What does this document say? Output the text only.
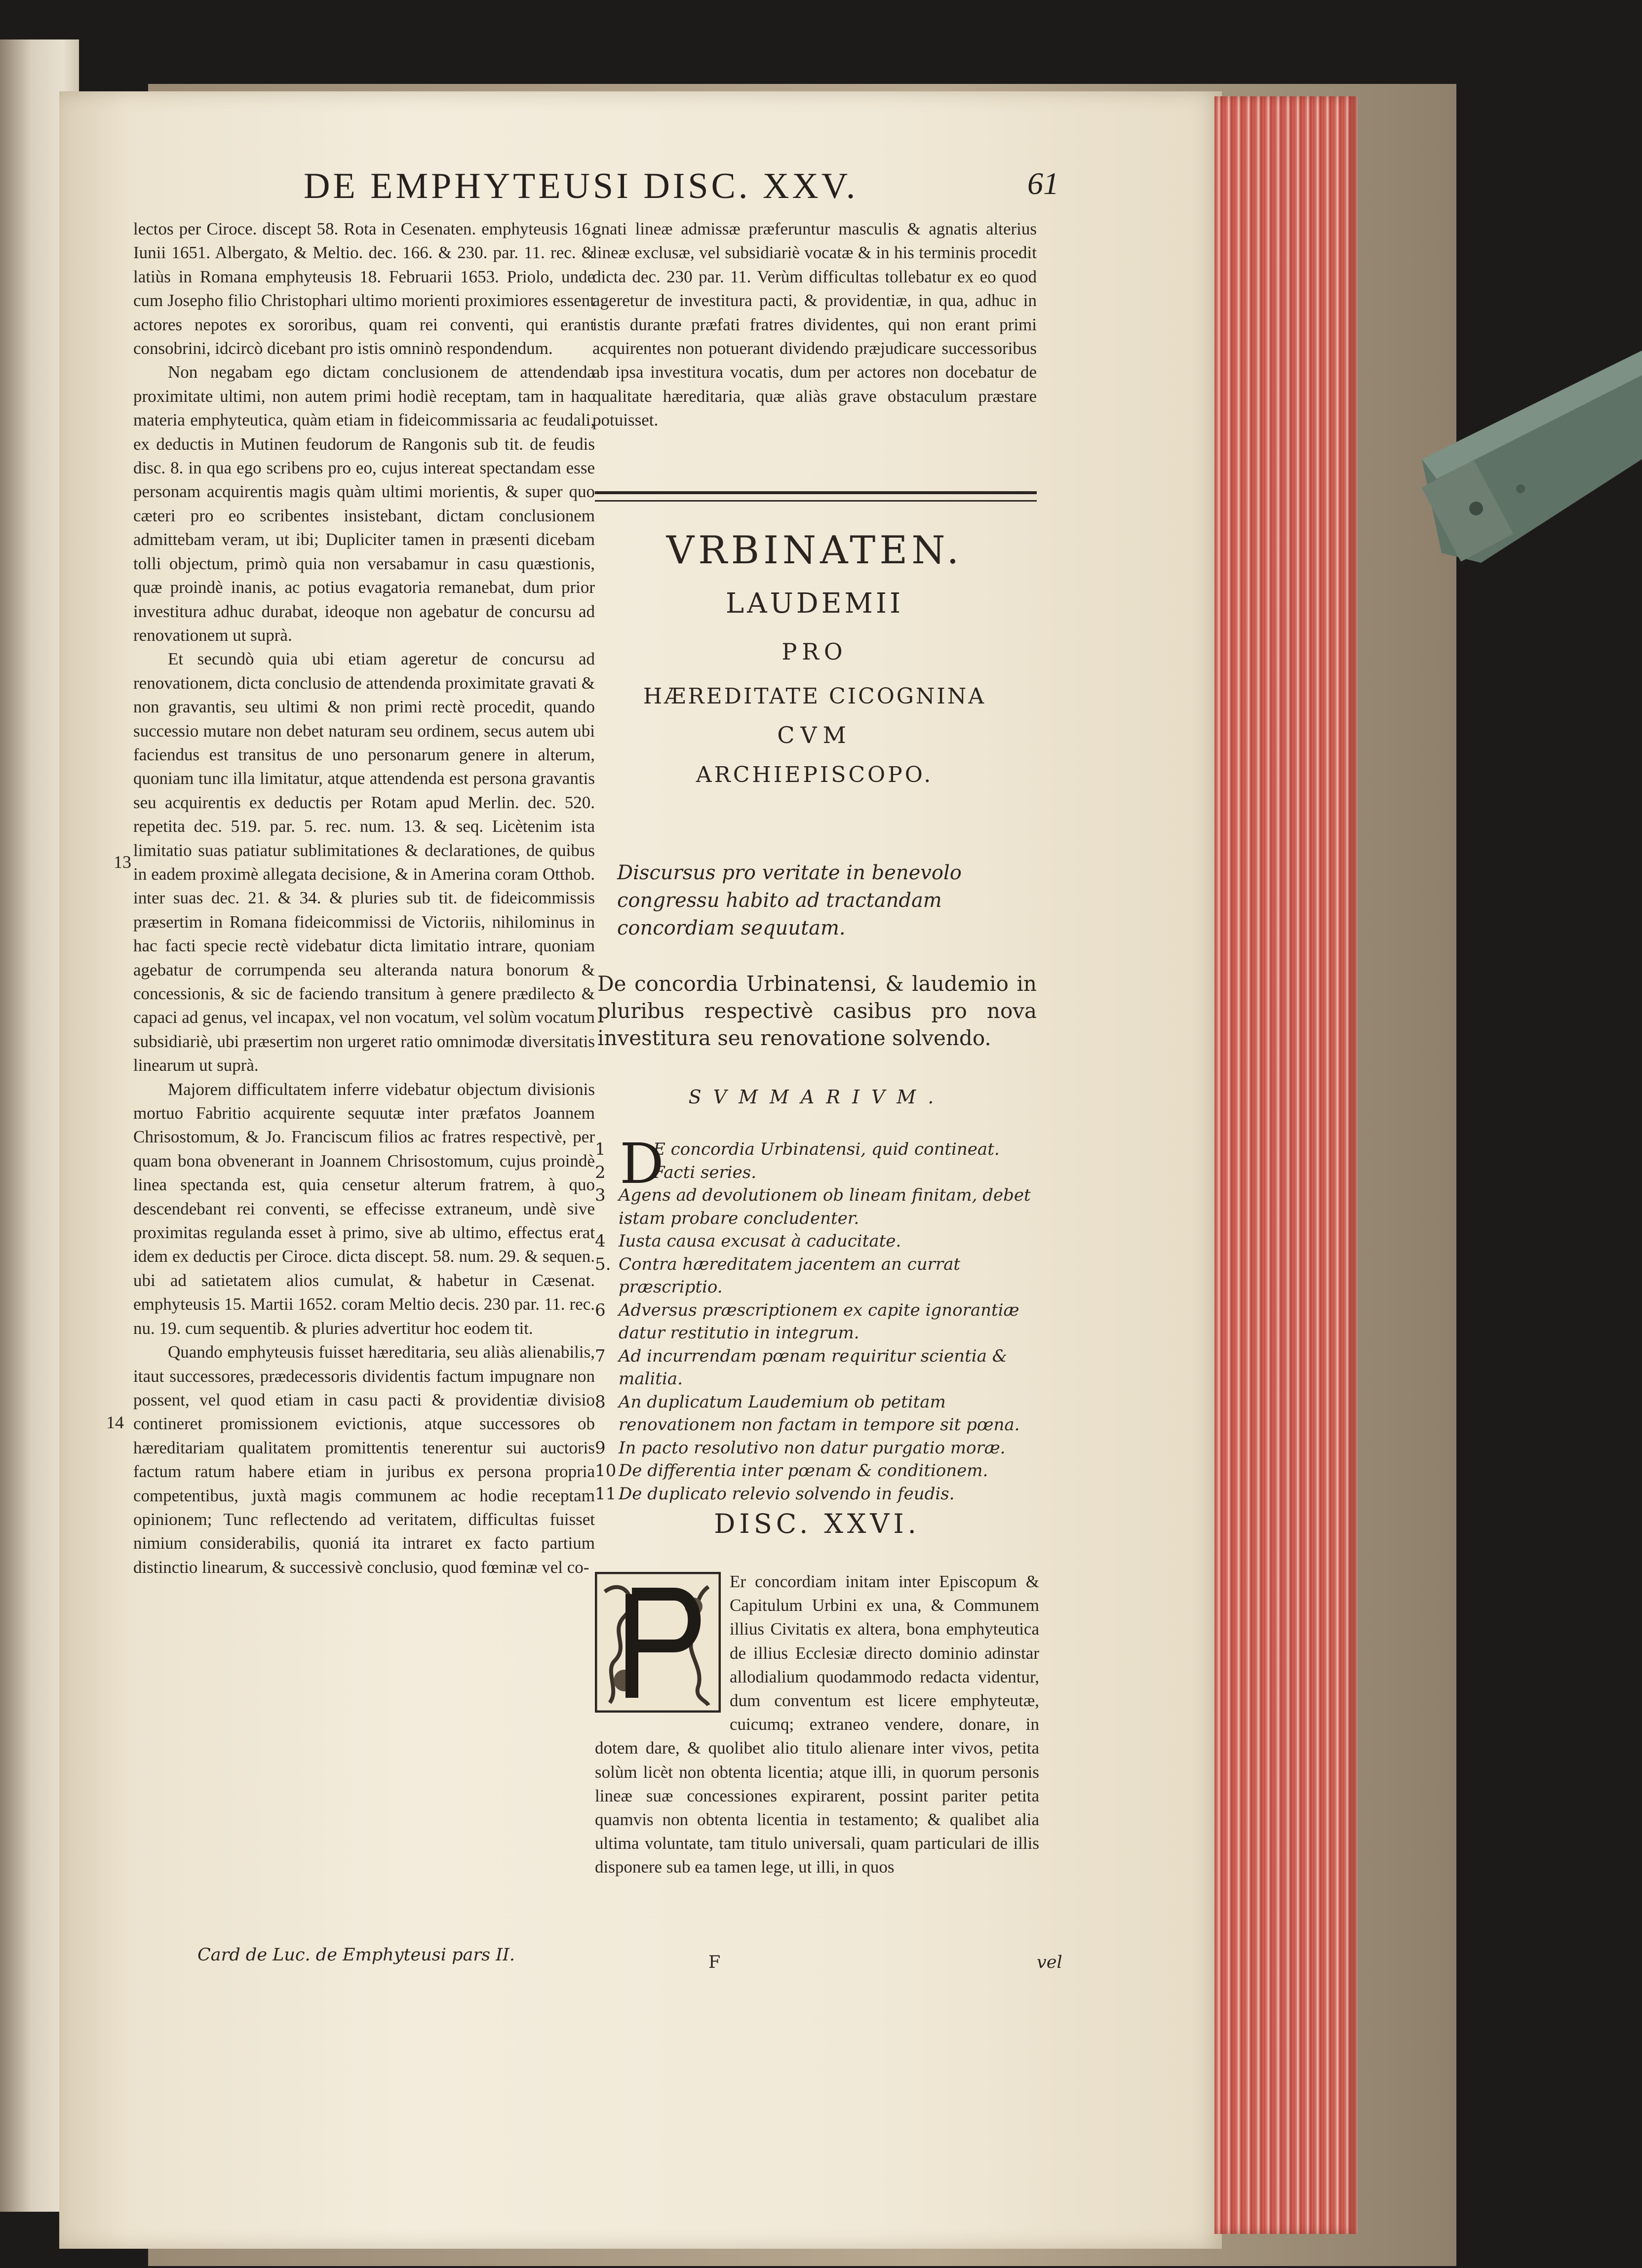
DE EMPHYTEUSI DISC. XXV.	61

lectos per Ciroce. discept 58. Rota in Cesenaten. emphyteusis 16. Iunii 1651. Albergato, & Meltio. dec. 166. & 230. par. 11. rec. & latiùs in Romana emphyteusis 18. Februarii 1653. Priolo, unde cum Josepho filio Christophari ultimo morienti proximiores essent actores nepotes ex sororibus, quam rei conventi, qui erant consobrini, idcircò dicebant pro istis omninò respondendum.

Non negabam ego dictam conclusionem de attendenda proximitate ultimi, non autem primi hodiè receptam, tam in hac materia emphyteutica, quàm etiam in fideicommissaria ac feudali, ex deductis in Mutinen feudorum de Rangonis sub tit. de feudis disc. 8. in qua ego scribens pro eo, cujus intereat spectandam esse personam acquirentis magis quàm ultimi morientis, & super quo cæteri pro eo scribentes insistebant, dictam conclusionem admittebam veram, ut ibi; Dupliciter tamen in præsenti dicebam tolli objectum, primò quia non versabamur in casu quæstionis, quæ proindè inanis, ac potius evagatoria remanebat, dum prior investitura adhuc durabat, ideoque non agebatur de concursu ad renovationem ut suprà.

Et secundò quia ubi etiam ageretur de concursu ad renovationem, dicta conclusio de attendenda proximitate gravati & non gravantis, seu ultimi & non primi rectè procedit, quando successio mutare non debet naturam seu ordinem, secus autem ubi faciendus est transitus de uno personarum genere in alterum, quoniam tunc illa limitatur, atque attendenda est persona gravantis seu acquirentis ex deductis per Rotam apud Merlin. dec. 520. repetita dec. 519. par. 5. rec. num. 13. & seq. Licètenim ista limitatio suas patiatur sublimitationes & declarationes, de quibus in eadem proximè allegata decisione, & in Amerina coram Otthob. inter suas dec. 21. & 34. & pluries sub tit. de fideicommissis præsertim in Romana fideicommissi de Victoriis, nihilominus in hac facti specie rectè videbatur dicta limitatio intrare, quoniam agebatur de corrumpenda seu alteranda natura bonorum & concessionis, & sic de faciendo transitum à genere prædilecto & capaci ad genus, vel incapax, vel non vocatum, vel solùm vocatum subsidiariè, ubi præsertim non urgeret ratio omnimodæ diversitatis linearum ut suprà.

Majorem difficultatem inferre videbatur objectum divisionis mortuo Fabritio acquirente sequutæ inter præfatos Joannem Chrisostomum, & Jo. Franciscum filios ac fratres respectivè, per quam bona obvenerant in Joannem Chrisostomum, cujus proindè linea spectanda est, quia censetur alterum fratrem, à quo descendebant rei conventi, se effecisse extraneum, undè sive proximitas regulanda esset à primo, sive ab ultimo, effectus erat idem ex deductis per Ciroce. dicta discept. 58. num. 29. & sequen. ubi ad satietatem alios cumulat, & habetur in Cæsenat. emphyteusis 15. Martii 1652. coram Meltio decis. 230 par. 11. rec. nu. 19. cum sequentib. & pluries advertitur hoc eodem tit.

Quando emphyteusis fuisset hæreditaria, seu aliàs alienabilis, itaut successores, prædecessoris dividentis factum impugnare non possent, vel quod etiam in casu pacti & providentiæ divisio contineret promissionem evictionis, atque successores ob hæreditariam qualitatem promittentis tenerentur sui auctoris factum ratum habere etiam in juribus ex persona propria competentibus, juxtà magis communem ac hodie receptam opinionem; Tunc reflectendo ad veritatem, difficultas fuisset nimium considerabilis, quoniá ita intraret ex facto partium distinctio linearum, & successivè conclusio, quod fœminæ vel co-

13
14

gnati lineæ admissæ præferuntur masculis & agnatis alterius lineæ exclusæ, vel subsidiariè vocatæ & in his terminis procedit dicta dec. 230 par. 11. Verùm difficultas tollebatur ex eo quod ageretur de investitura pacti, & providentiæ, in qua, adhuc in istis durante præfati fratres dividentes, qui non erant primi acquirentes non potuerant dividendo præjudicare successoribus ab ipsa investitura vocatis, dum per actores non docebatur de qualitate hæreditaria, quæ aliàs grave obstaculum præstare potuisset.

VRBINATEN.
LAUDEMII
PRO
HÆREDITATE CICOGNINA
CVM
ARCHIEPISCOPO.
Discursus pro veritate in benevolo congressu habito ad tractandam concordiam sequutam.
De concordia Urbinatensi, & laudemio in pluribus respectivè casibus pro nova investitura seu renovatione solvendo.
SVMMARIVM.
1	E concordia Urbinatensi, quid contineat.
2	Facti series.
3 Agens ad devolutionem ob lineam finitam, debet istam probare concludenter.
4 Iusta causa excusat à caducitate.
5. Contra hæreditatem jacentem an currat præscriptio.
6 Adversus præscriptionem ex capite ignorantiæ datur restitutio in integrum.
7 Ad incurrendam pœnam requiritur scientia & malitia.
8 An duplicatum Laudemium ob petitam renovationem non factam in tempore sit pœna.
9 In pacto resolutivo non datur purgatio moræ.
10 De differentia inter pœnam & conditionem.
11 De duplicato relevio solvendo in feudis.
D
DISC. XXVI.

Er concordiam initam inter Episcopum & Capitulum Urbini ex una, & Communem illius Civitatis ex altera, bona emphyteutica de illius Ecclesiæ directo dominio adinstar allodialium quodammodo redacta videntur, dum conventum est licere emphyteutæ, cuicumq; extraneo vendere, donare, in dotem dare, & quolibet alio titulo alienare inter vivos, petita solùm licèt non obtenta licentia; atque illi, in quorum personis lineæ suæ concessiones expirarent, possint pariter petita quamvis non obtenta licentia in testamento; & qualibet alia ultima voluntate, tam titulo universali, quam particulari de illis disponere sub ea tamen lege, ut illi, in quos

Card de Luc. de Emphyteusi pars II.	F	vel
